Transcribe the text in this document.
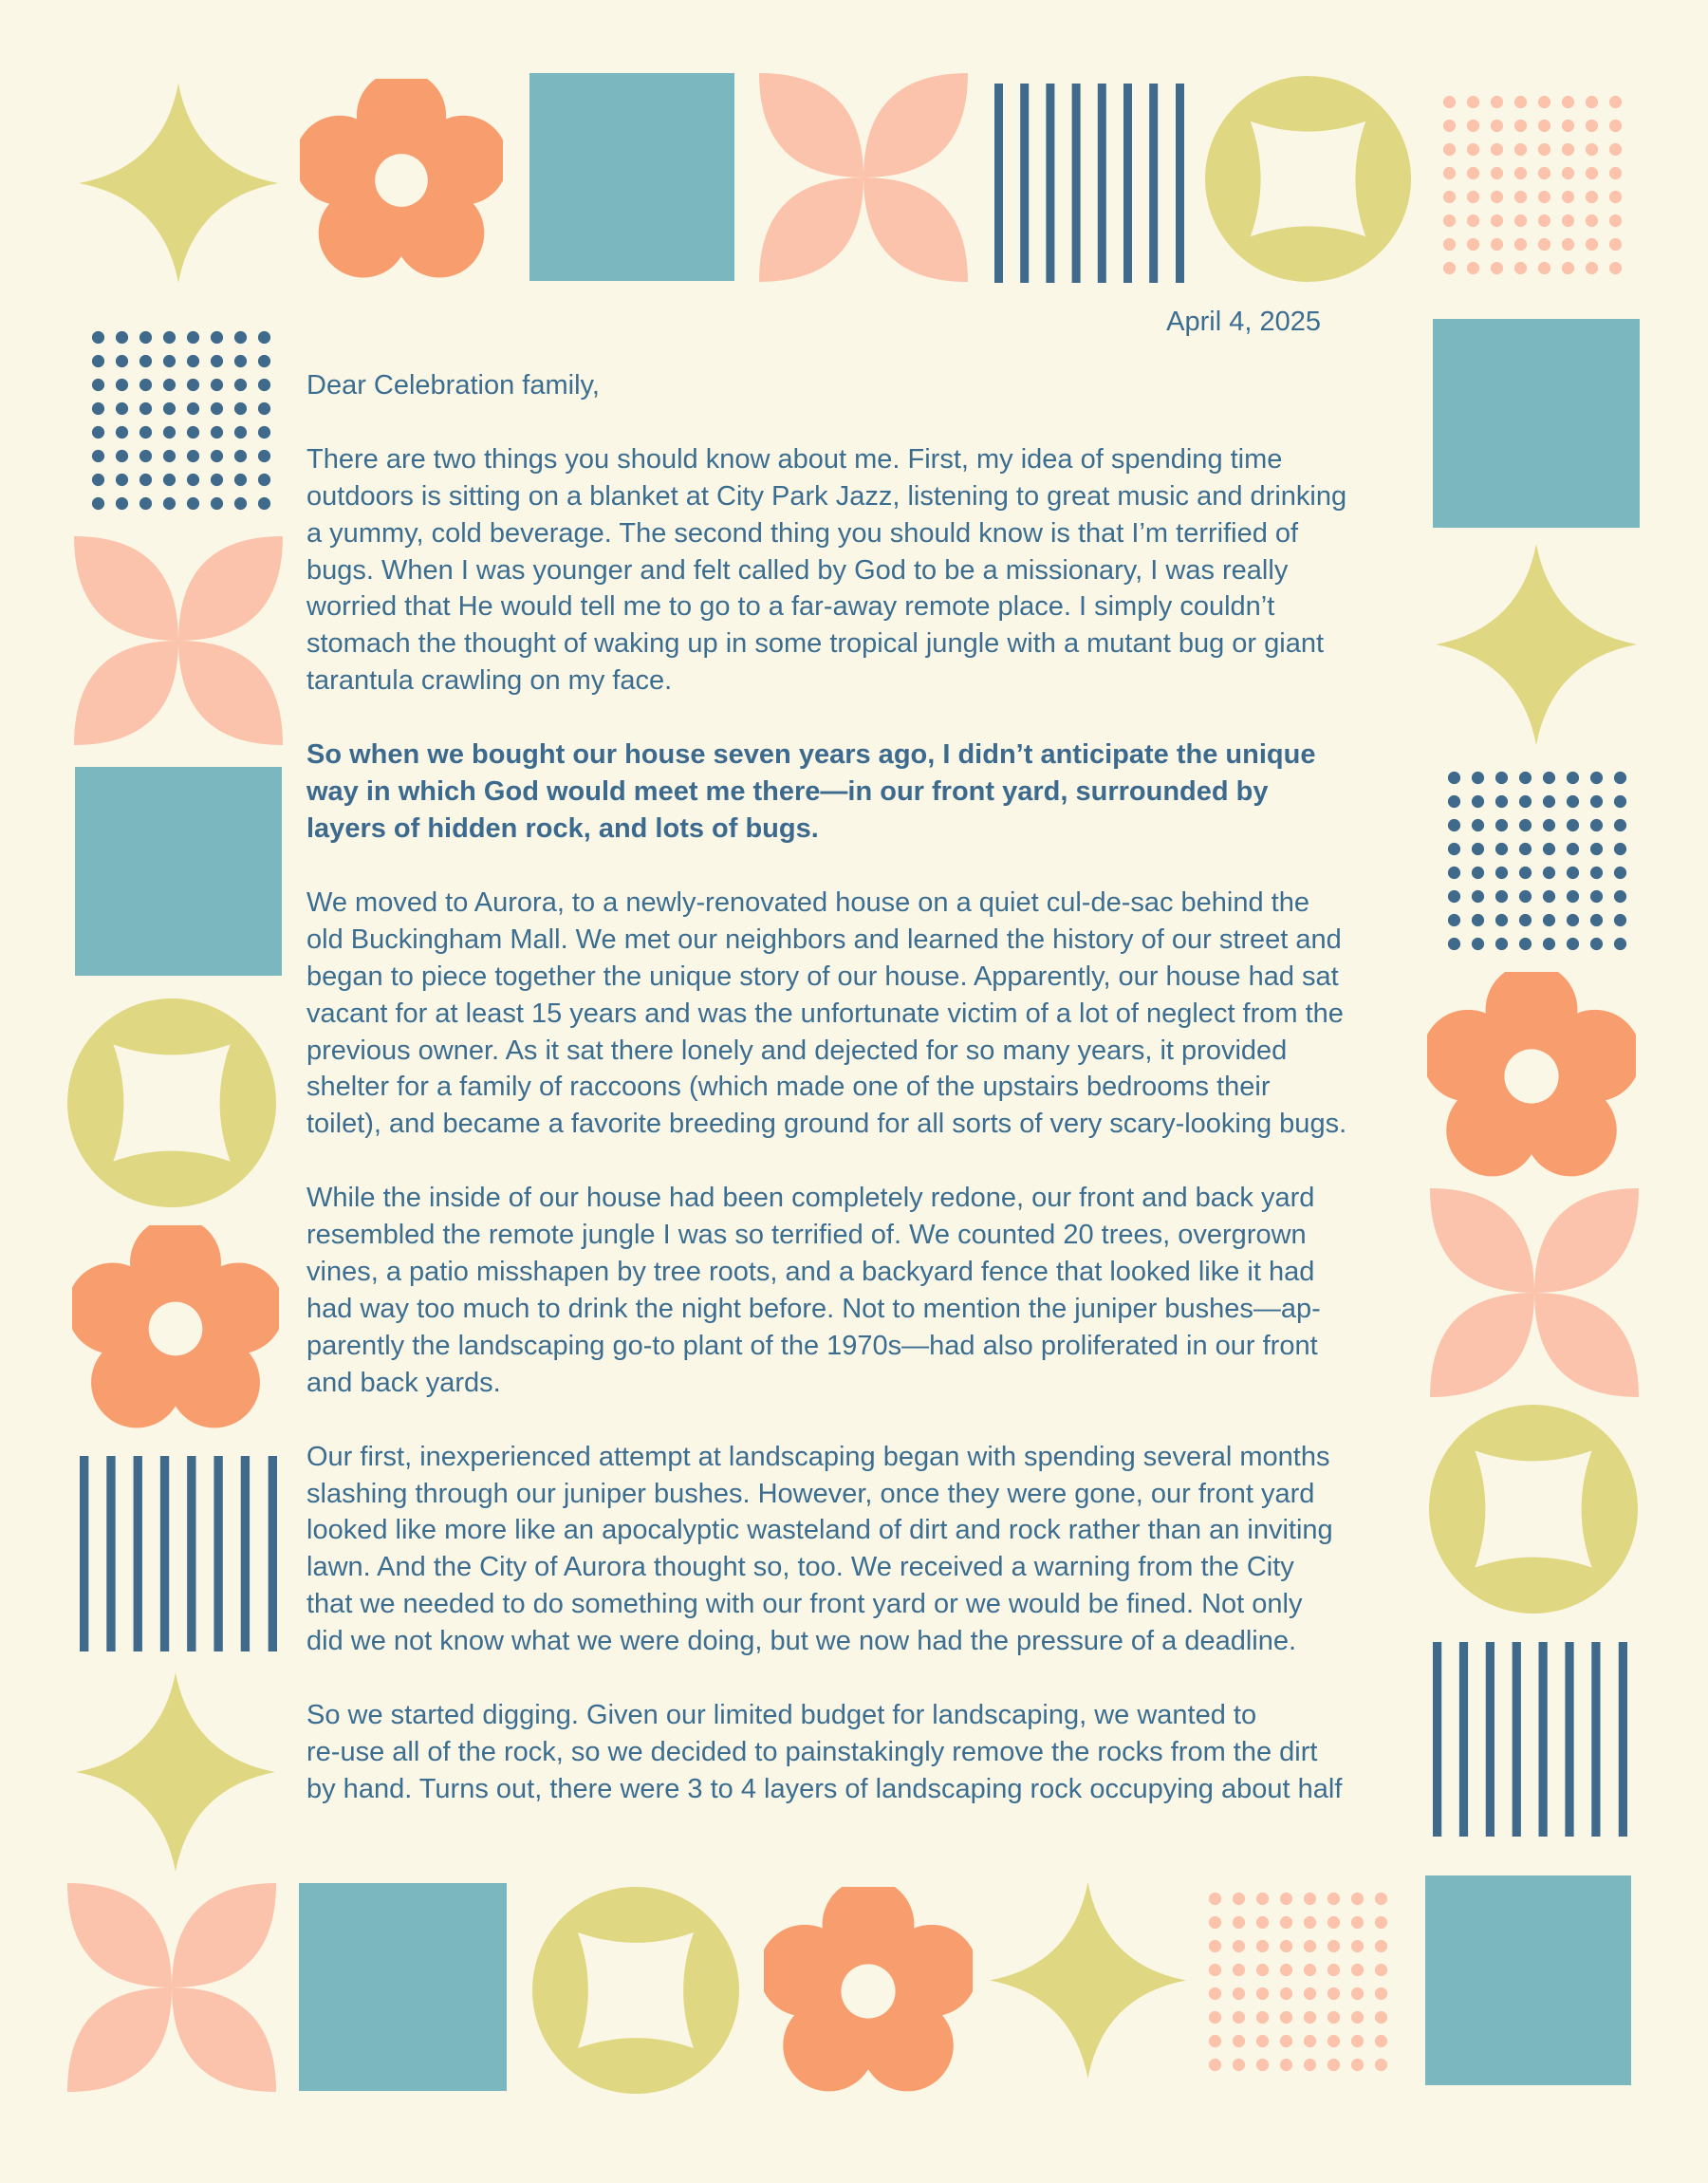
April 4, 2025

Dear Celebration family,

There are two things you should know about me. First, my idea of spending time
outdoors is sitting on a blanket at City Park Jazz, listening to great music and drinking
a yummy, cold beverage. The second thing you should know is that I’m terrified of
bugs. When I was younger and felt called by God to be a missionary, I was really
worried that He would tell me to go to a far-away remote place. I simply couldn’t
stomach the thought of waking up in some tropical jungle with a mutant bug or giant
tarantula crawling on my face.

So when we bought our house seven years ago, I didn’t anticipate the unique
way in which God would meet me there—in our front yard, surrounded by
layers of hidden rock, and lots of bugs.

We moved to Aurora, to a newly-renovated house on a quiet cul-de-sac behind the
old Buckingham Mall. We met our neighbors and learned the history of our street and
began to piece together the unique story of our house. Apparently, our house had sat
vacant for at least 15 years and was the unfortunate victim of a lot of neglect from the
previous owner. As it sat there lonely and dejected for so many years, it provided
shelter for a family of raccoons (which made one of the upstairs bedrooms their
toilet), and became a favorite breeding ground for all sorts of very scary-looking bugs.

While the inside of our house had been completely redone, our front and back yard
resembled the remote jungle I was so terrified of. We counted 20 trees, overgrown
vines, a patio misshapen by tree roots, and a backyard fence that looked like it had
had way too much to drink the night before. Not to mention the juniper bushes—ap-
parently the landscaping go-to plant of the 1970s—had also proliferated in our front
and back yards.

Our first, inexperienced attempt at landscaping began with spending several months
slashing through our juniper bushes. However, once they were gone, our front yard
looked like more like an apocalyptic wasteland of dirt and rock rather than an inviting
lawn. And the City of Aurora thought so, too. We received a warning from the City
that we needed to do something with our front yard or we would be fined. Not only
did we not know what we were doing, but we now had the pressure of a deadline.

So we started digging. Given our limited budget for landscaping, we wanted to
re-use all of the rock, so we decided to painstakingly remove the rocks from the dirt
by hand. Turns out, there were 3 to 4 layers of landscaping rock occupying about half
